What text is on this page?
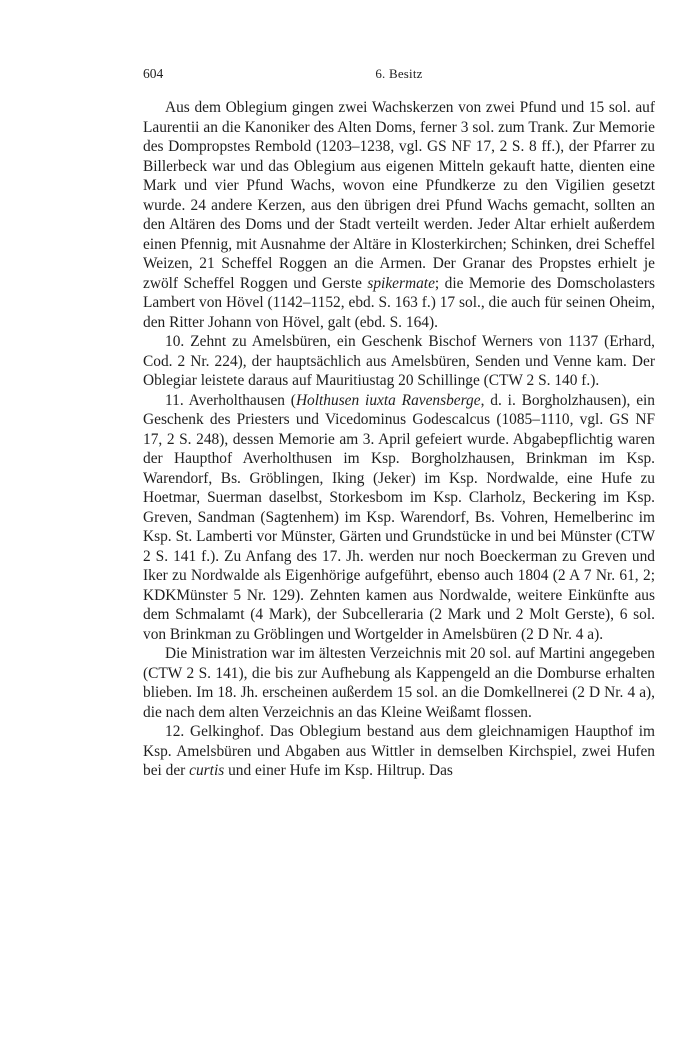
604	6. Besitz

Aus dem Oblegium gingen zwei Wachskerzen von zwei Pfund und 15 sol. auf Laurentii an die Kanoniker des Alten Doms, ferner 3 sol. zum Trank. Zur Memorie des Dompropstes Rembold (1203–1238, vgl. GS NF 17, 2 S. 8 ff.), der Pfarrer zu Billerbeck war und das Oblegium aus eigenen Mitteln gekauft hatte, dienten eine Mark und vier Pfund Wachs, wovon eine Pfundkerze zu den Vigilien gesetzt wurde. 24 andere Kerzen, aus den übrigen drei Pfund Wachs gemacht, sollten an den Altären des Doms und der Stadt verteilt werden. Jeder Altar erhielt außerdem einen Pfennig, mit Ausnahme der Altäre in Klosterkirchen; Schinken, drei Scheffel Weizen, 21 Scheffel Roggen an die Armen. Der Granar des Propstes erhielt je zwölf Scheffel Roggen und Gerste spikermate; die Memorie des Domscholasters Lambert von Hövel (1142–1152, ebd. S. 163 f.) 17 sol., die auch für seinen Oheim, den Ritter Johann von Hövel, galt (ebd. S. 164).

10. Zehnt zu Amelsbüren, ein Geschenk Bischof Werners von 1137 (Erhard, Cod. 2 Nr. 224), der hauptsächlich aus Amelsbüren, Senden und Venne kam. Der Oblegiar leistete daraus auf Mauritiustag 20 Schillinge (CTW 2 S. 140 f.).

11. Averholthausen (Holthusen iuxta Ravensberge, d. i. Borgholzhausen), ein Geschenk des Priesters und Vicedominus Godescalcus (1085–1110, vgl. GS NF 17, 2 S. 248), dessen Memorie am 3. April gefeiert wurde. Abgabepflichtig waren der Haupthof Averholthusen im Ksp. Borgholzhausen, Brinkman im Ksp. Warendorf, Bs. Gröblingen, Iking (Jeker) im Ksp. Nordwalde, eine Hufe zu Hoetmar, Suerman daselbst, Storkesbom im Ksp. Clarholz, Beckering im Ksp. Greven, Sandman (Sagtenhem) im Ksp. Warendorf, Bs. Vohren, Hemelberinc im Ksp. St. Lamberti vor Münster, Gärten und Grundstücke in und bei Münster (CTW 2 S. 141 f.). Zu Anfang des 17. Jh. werden nur noch Boeckerman zu Greven und Iker zu Nordwalde als Eigenhörige aufgeführt, ebenso auch 1804 (2 A 7 Nr. 61, 2; KDKMünster 5 Nr. 129). Zehnten kamen aus Nordwalde, weitere Einkünfte aus dem Schmalamt (4 Mark), der Subcelleraria (2 Mark und 2 Molt Gerste), 6 sol. von Brinkman zu Gröblingen und Wortgelder in Amelsbüren (2 D Nr. 4 a).

Die Ministration war im ältesten Verzeichnis mit 20 sol. auf Martini angegeben (CTW 2 S. 141), die bis zur Aufhebung als Kappengeld an die Domburse erhalten blieben. Im 18. Jh. erscheinen außerdem 15 sol. an die Domkellnerei (2 D Nr. 4 a), die nach dem alten Verzeichnis an das Kleine Weißamt flossen.

12. Gelkinghof. Das Oblegium bestand aus dem gleichnamigen Haupthof im Ksp. Amelsbüren und Abgaben aus Wittler in demselben Kirchspiel, zwei Hufen bei der curtis und einer Hufe im Ksp. Hiltrup. Das
